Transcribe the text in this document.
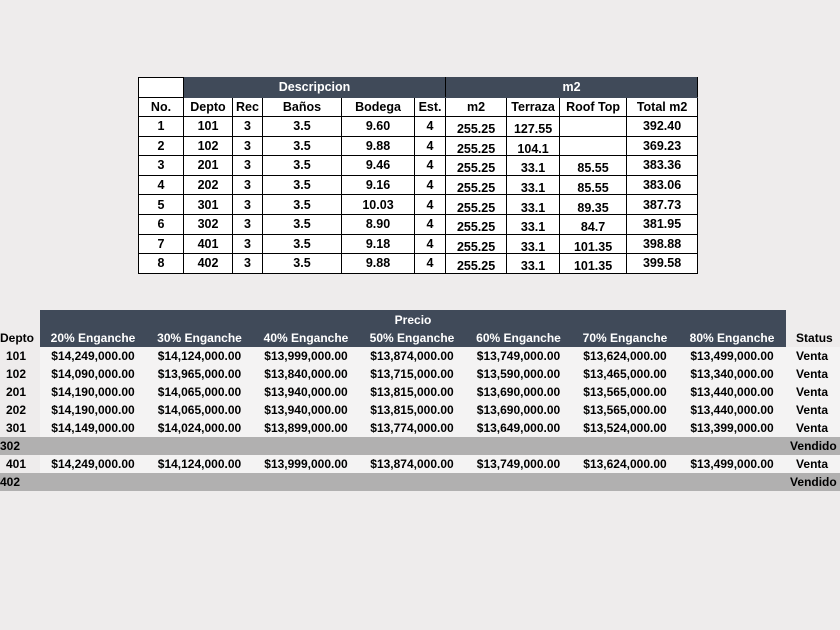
	Descripcion					m2			
No.	Depto	Rec	Baños	Bodega	Est.	m2	Terraza	Roof Top	Total m2
1	101	3	3.5	9.60	4	255.25	127.55		392.40
2	102	3	3.5	9.88	4	255.25	104.1		369.23
3	201	3	3.5	9.46	4	255.25	33.1	85.55	383.36
4	202	3	3.5	9.16	4	255.25	33.1	85.55	383.06
5	301	3	3.5	10.03	4	255.25	33.1	89.35	387.73
6	302	3	3.5	8.90	4	255.25	33.1	84.7	381.95
7	401	3	3.5	9.18	4	255.25	33.1	101.35	398.88
8	402	3	3.5	9.88	4	255.25	33.1	101.35	399.58
	Precio							
Depto	20% Enganche	30% Enganche	40% Enganche	50% Enganche	60% Enganche	70% Enganche	80% Enganche	Status
101	$14,249,000.00	$14,124,000.00	$13,999,000.00	$13,874,000.00	$13,749,000.00	$13,624,000.00	$13,499,000.00	Venta
102	$14,090,000.00	$13,965,000.00	$13,840,000.00	$13,715,000.00	$13,590,000.00	$13,465,000.00	$13,340,000.00	Venta
201	$14,190,000.00	$14,065,000.00	$13,940,000.00	$13,815,000.00	$13,690,000.00	$13,565,000.00	$13,440,000.00	Venta
202	$14,190,000.00	$14,065,000.00	$13,940,000.00	$13,815,000.00	$13,690,000.00	$13,565,000.00	$13,440,000.00	Venta
301	$14,149,000.00	$14,024,000.00	$13,899,000.00	$13,774,000.00	$13,649,000.00	$13,524,000.00	$13,399,000.00	Venta
302								Vendido
401	$14,249,000.00	$14,124,000.00	$13,999,000.00	$13,874,000.00	$13,749,000.00	$13,624,000.00	$13,499,000.00	Venta
402								Vendido
